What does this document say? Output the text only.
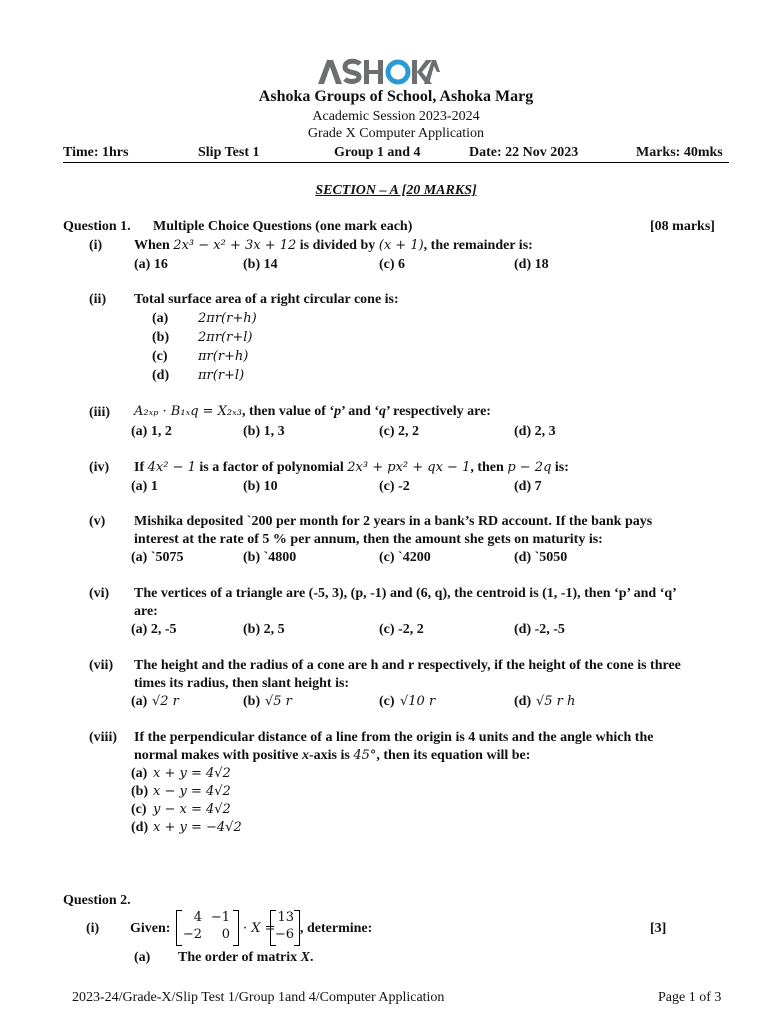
Ashoka Groups of School, Ashoka Marg
Academic Session 2023-2024
Grade X Computer Application
Time: 1hrs	Slip Test 1	Group 1 and 4	Date: 22 Nov 2023	Marks: 40mks
SECTION – A [20 MARKS]
Question 1. Multiple Choice Questions (one mark each)	[08 marks]
(i) When 2x³ − x² + 3x + 12 is divided by (x + 1), the remainder is:
(a) 16	(b) 14	(c) 6	(d) 18
(ii) Total surface area of a right circular cone is:
(a) 2πr(r+h)
(b) 2πr(r+l)
(c) πr(r+h)
(d) πr(r+l)
(iii) A₂ₓₚ · B₁ₓq = X₂ₓ₃, then value of ‘p’ and ‘q’ respectively are:
(a) 1, 2	(b) 1, 3	(c) 2, 2	(d) 2, 3
(iv) If 4x² − 1 is a factor of polynomial 2x³ + px² + qx − 1, then p − 2q is:
(a) 1	(b) 10	(c) -2	(d) 7
(v) Mishika deposited `200 per month for 2 years in a bank’s RD account. If the bank pays
interest at the rate of 5 % per annum, then the amount she gets on maturity is:
(a) `5075	(b) `4800	(c) `4200	(d) `5050
(vi) The vertices of a triangle are (-5, 3), (p, -1) and (6, q), the centroid is (1, -1), then ‘p’ and ‘q’
are:
(a) 2, -5	(b) 2, 5	(c) -2, 2	(d) -2, -5
(vii) The height and the radius of a cone are h and r respectively, if the height of the cone is three
times its radius, then slant height is:
(a) √2 r	(b) √5 r	(c) √10 r	(d) √5 r h
(viii) If the perpendicular distance of a line from the origin is 4 units and the angle which the
normal makes with positive x-axis is 45°, then its equation will be:
(a) x + y = 4√2
(b) x − y = 4√2
(c) y − x = 4√2
(d) x + y = −4√2
Question 2.
(i) Given:
4 −1
−2	0 · X =
13
−6 , determine:	[3]
(a) The order of matrix X.
2023-24/Grade-X/Slip Test 1/Group 1and 4/Computer Application	Page 1 of 3
